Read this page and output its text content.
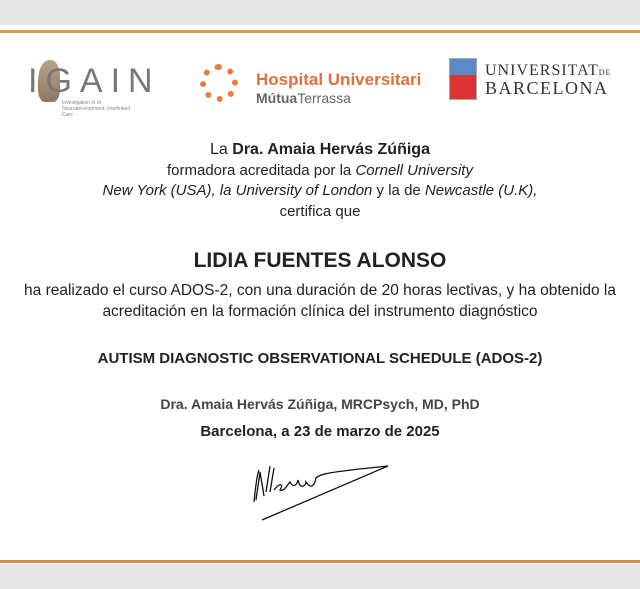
IGAIN
Investigation in of Neurodevelopment, Interlinked Care
Hospital Universitari
MútuaTerrassa
UNIVERSITATDE
BARCELONA
La Dra. Amaia Hervás Zúñiga
formadora acreditada por la Cornell University
New York (USA), la University of London y la de Newcastle (U.K),
certifica que
LIDIA FUENTES ALONSO
ha realizado el curso ADOS-2, con una duración de 20 horas lectivas, y ha obtenido la
acreditación en la formación clínica del instrumento diagnóstico
AUTISM DIAGNOSTIC OBSERVATIONAL SCHEDULE (ADOS-2)
Dra. Amaia Hervás Zúñiga, MRCPsych, MD, PhD
Barcelona, a 23 de marzo de 2025
